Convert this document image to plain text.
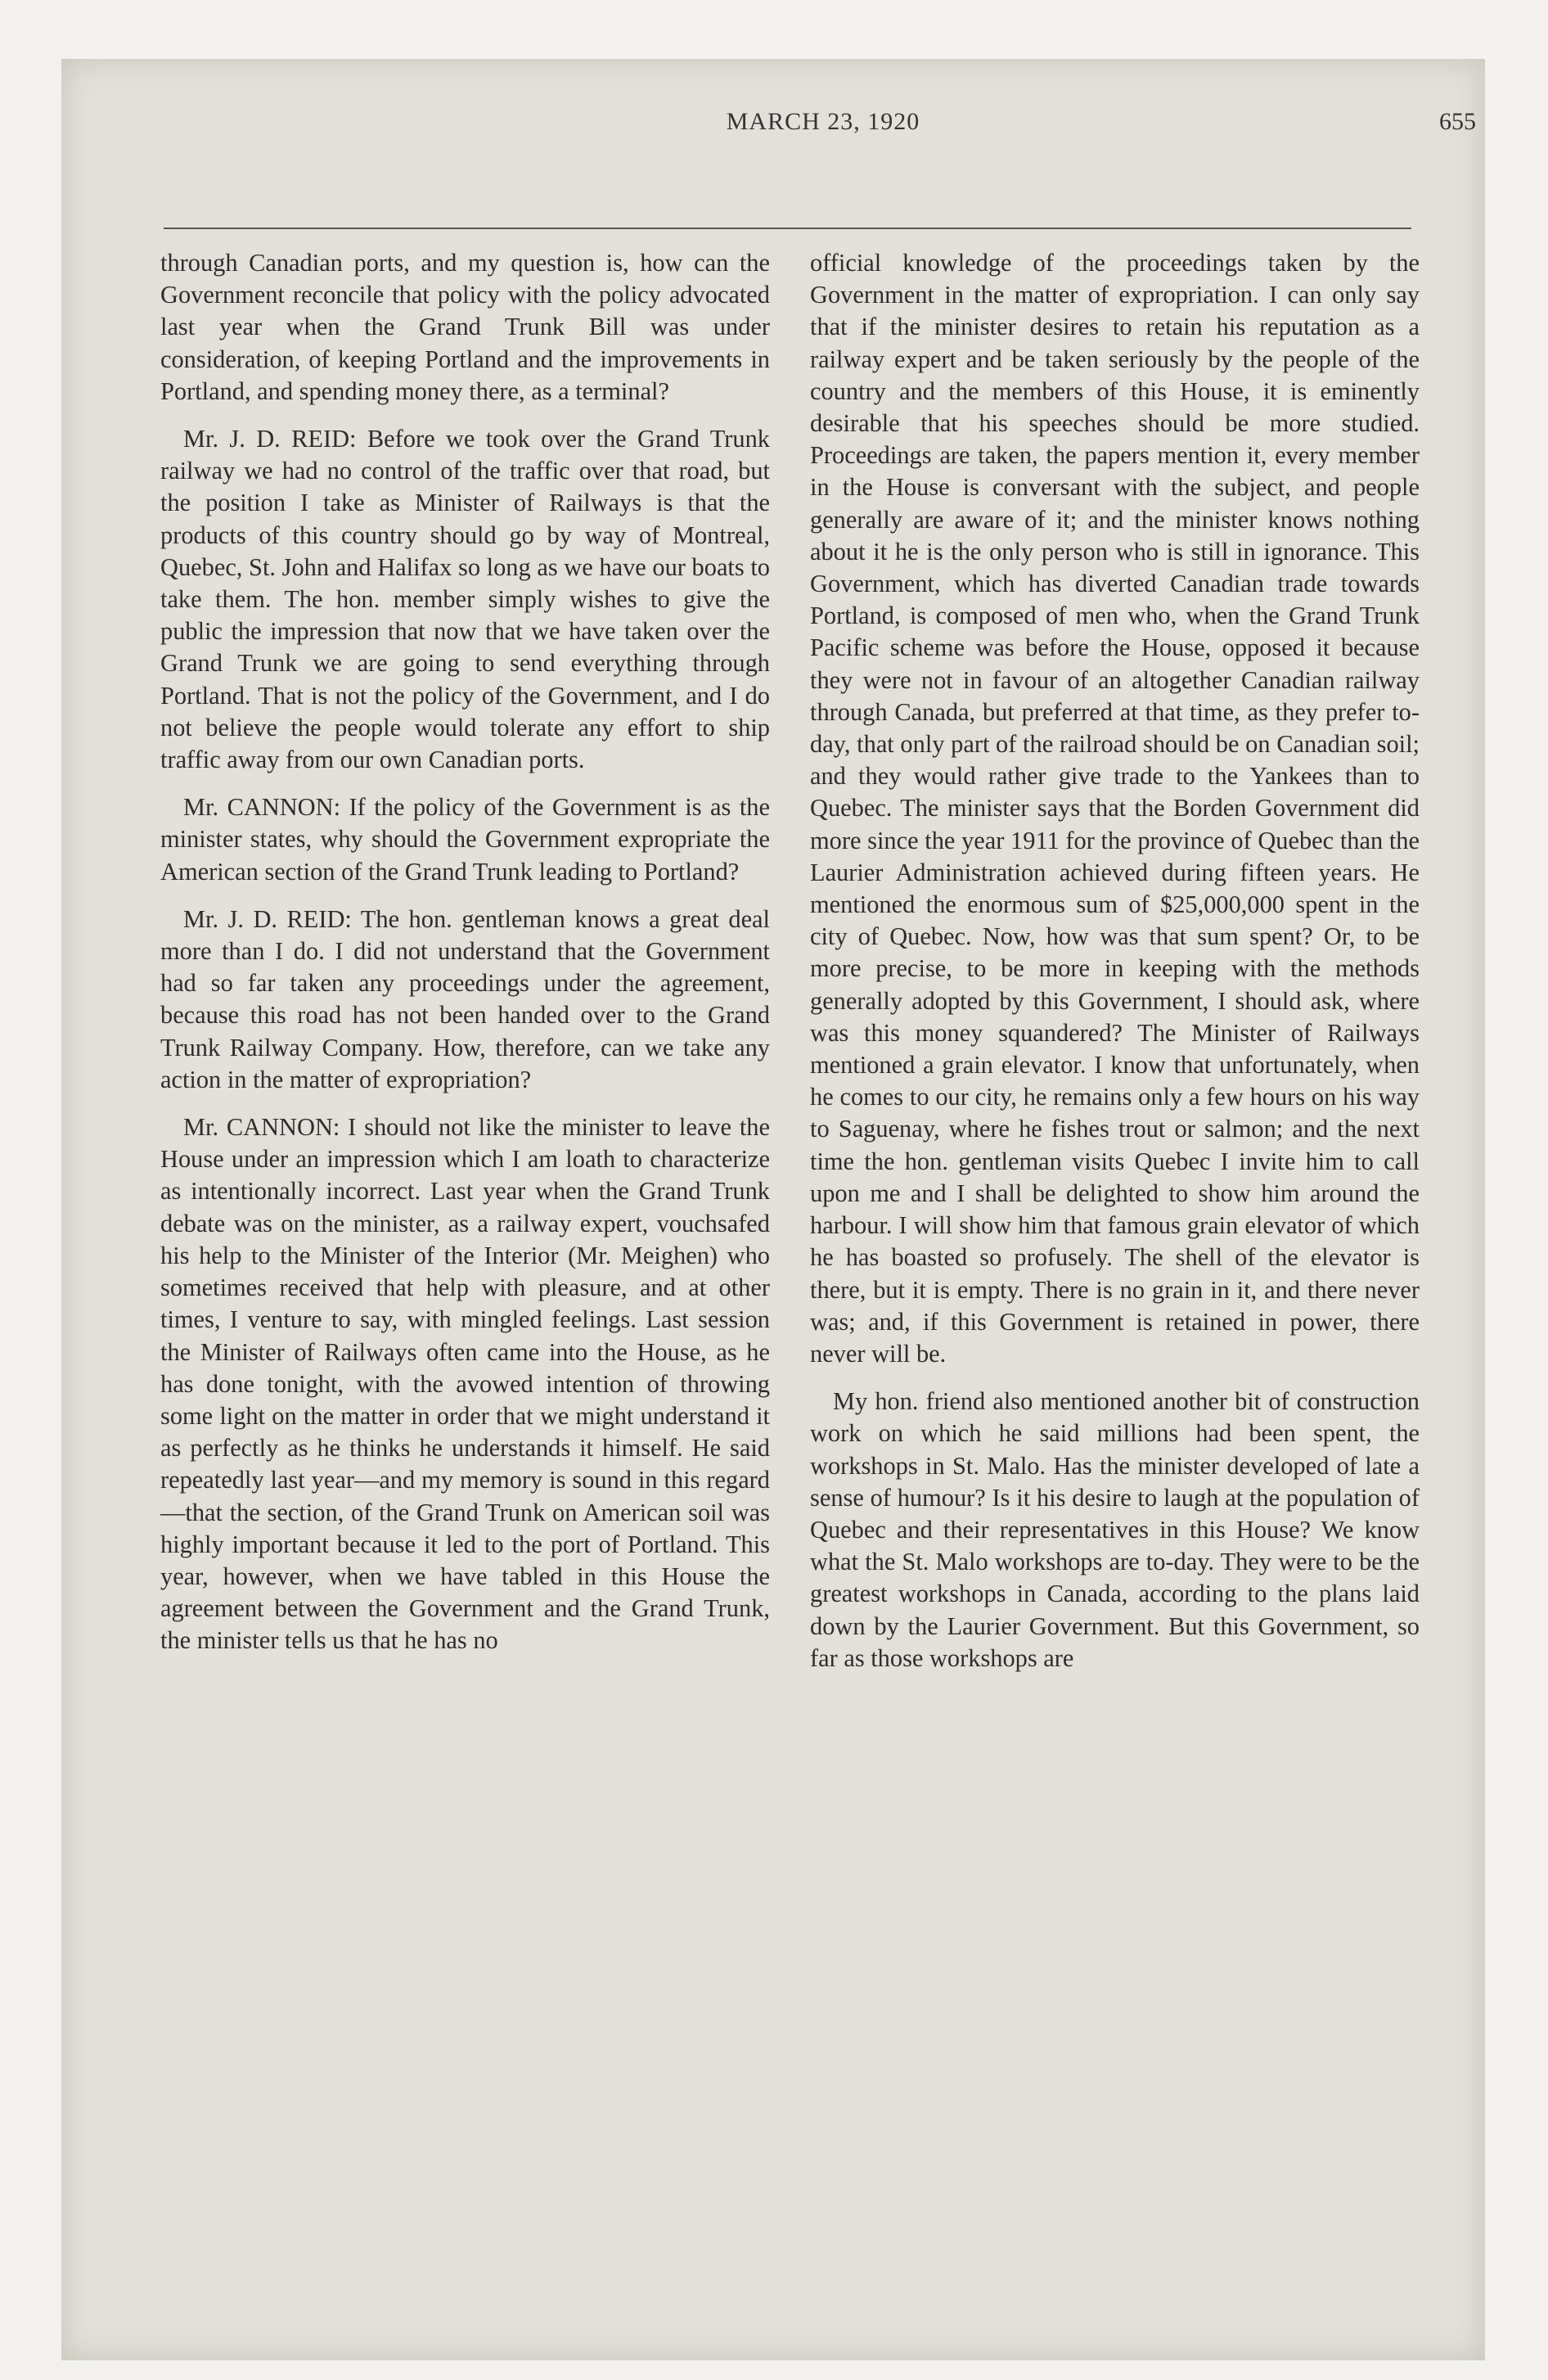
MARCH 23, 1920	655

through Canadian ports, and my question is, how can the Government reconcile that policy with the policy advocated last year when the Grand Trunk Bill was under consideration, of keeping Portland and the improvements in Portland, and spending money there, as a terminal?

Mr. J. D. REID: Before we took over the Grand Trunk railway we had no control of the traffic over that road, but the position I take as Minister of Railways is that the products of this country should go by way of Montreal, Quebec, St. John and Halifax so long as we have our boats to take them. The hon. member simply wishes to give the public the impression that now that we have taken over the Grand Trunk we are going to send everything through Portland. That is not the policy of the Government, and I do not believe the people would tolerate any effort to ship traffic away from our own Canadian ports.

Mr. CANNON: If the policy of the Government is as the minister states, why should the Government expropriate the American section of the Grand Trunk leading to Portland?

Mr. J. D. REID: The hon. gentleman knows a great deal more than I do. I did not understand that the Government had so far taken any proceedings under the agreement, because this road has not been handed over to the Grand Trunk Railway Company. How, therefore, can we take any action in the matter of expropriation?

Mr. CANNON: I should not like the minister to leave the House under an impression which I am loath to characterize as intentionally incorrect. Last year when the Grand Trunk debate was on the minister, as a railway expert, vouchsafed his help to the Minister of the Interior (Mr. Meighen) who sometimes received that help with pleasure, and at other times, I venture to say, with mingled feelings. Last session the Minister of Railways often came into the House, as he has done tonight, with the avowed intention of throwing some light on the matter in order that we might understand it as perfectly as he thinks he understands it himself. He said repeatedly last year—and my memory is sound in this regard—that the section, of the Grand Trunk on American soil was highly important because it led to the port of Portland. This year, however, when we have tabled in this House the agreement between the Government and the Grand Trunk, the minister tells us that he has no

official knowledge of the proceedings taken by the Government in the matter of expropriation. I can only say that if the minister desires to retain his reputation as a railway expert and be taken seriously by the people of the country and the members of this House, it is eminently desirable that his speeches should be more studied. Proceedings are taken, the papers mention it, every member in the House is conversant with the subject, and people generally are aware of it; and the minister knows nothing about it he is the only person who is still in ignorance. This Government, which has diverted Canadian trade towards Portland, is composed of men who, when the Grand Trunk Pacific scheme was before the House, opposed it because they were not in favour of an altogether Canadian railway through Canada, but preferred at that time, as they prefer to-day, that only part of the railroad should be on Canadian soil; and they would rather give trade to the Yankees than to Quebec. The minister says that the Borden Government did more since the year 1911 for the province of Quebec than the Laurier Administration achieved during fifteen years. He mentioned the enormous sum of $25,000,000 spent in the city of Quebec. Now, how was that sum spent? Or, to be more precise, to be more in keeping with the methods generally adopted by this Government, I should ask, where was this money squandered? The Minister of Railways mentioned a grain elevator. I know that unfortunately, when he comes to our city, he remains only a few hours on his way to Saguenay, where he fishes trout or salmon; and the next time the hon. gentleman visits Quebec I invite him to call upon me and I shall be delighted to show him around the harbour. I will show him that famous grain elevator of which he has boasted so profusely. The shell of the elevator is there, but it is empty. There is no grain in it, and there never was; and, if this Government is retained in power, there never will be.

My hon. friend also mentioned another bit of construction work on which he said millions had been spent, the workshops in St. Malo. Has the minister developed of late a sense of humour? Is it his desire to laugh at the population of Quebec and their representatives in this House? We know what the St. Malo workshops are to-day. They were to be the greatest workshops in Canada, according to the plans laid down by the Laurier Government. But this Government, so far as those workshops are
